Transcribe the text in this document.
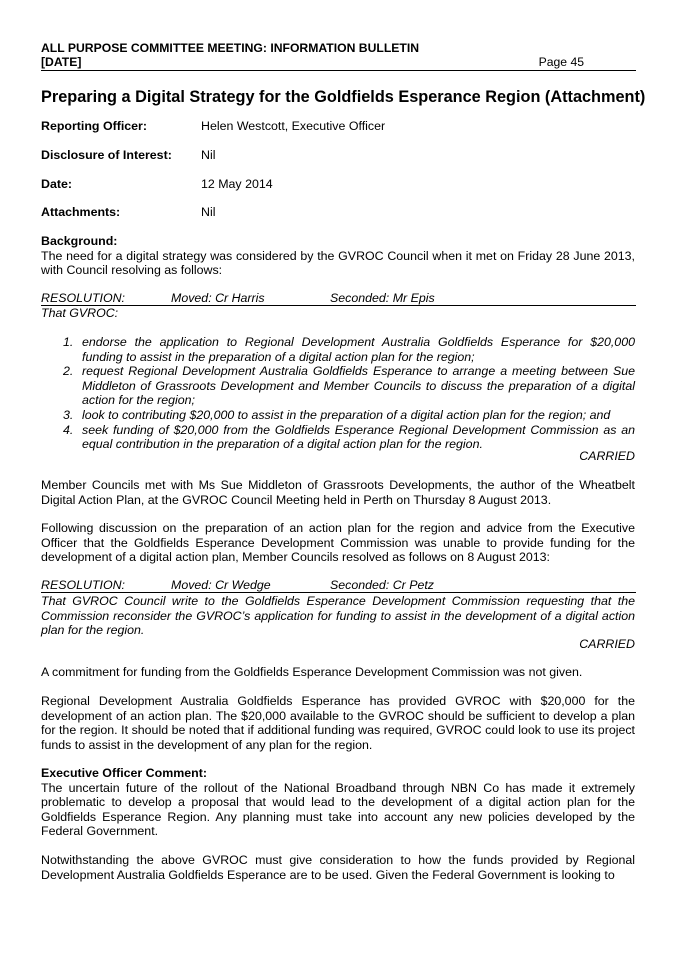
ALL PURPOSE COMMITTEE MEETING: INFORMATION BULLETIN
[DATE]	Page 45
Preparing a Digital Strategy for the Goldfields Esperance Region (Attachment)
Reporting Officer:	Helen Westcott, Executive Officer
Disclosure of Interest: Nil
Date:	12 May 2014
Attachments:	Nil
Background:
The need for a digital strategy was considered by the GVROC Council when it met on Friday 28 June 2013, with Council resolving as follows:
RESOLUTION:	Moved: Cr Harris	Seconded: Mr Epis
That GVROC:
1. endorse the application to Regional Development Australia Goldfields Esperance for $20,000 funding to assist in the preparation of a digital action plan for the region;
2. request Regional Development Australia Goldfields Esperance to arrange a meeting between Sue Middleton of Grassroots Development and Member Councils to discuss the preparation of a digital action for the region;
3. look to contributing $20,000 to assist in the preparation of a digital action plan for the region; and
4. seek funding of $20,000 from the Goldfields Esperance Regional Development Commission as an equal contribution in the preparation of a digital action plan for the region.
CARRIED
Member Councils met with Ms Sue Middleton of Grassroots Developments, the author of the Wheatbelt Digital Action Plan, at the GVROC Council Meeting held in Perth on Thursday 8 August 2013.
Following discussion on the preparation of an action plan for the region and advice from the Executive Officer that the Goldfields Esperance Development Commission was unable to provide funding for the development of a digital action plan, Member Councils resolved as follows on 8 August 2013:
RESOLUTION:	Moved: Cr Wedge	Seconded: Cr Petz
That GVROC Council write to the Goldfields Esperance Development Commission requesting that the Commission reconsider the GVROC’s application for funding to assist in the development of a digital action plan for the region.
CARRIED
A commitment for funding from the Goldfields Esperance Development Commission was not given.
Regional Development Australia Goldfields Esperance has provided GVROC with $20,000 for the development of an action plan. The $20,000 available to the GVROC should be sufficient to develop a plan for the region. It should be noted that if additional funding was required, GVROC could look to use its project funds to assist in the development of any plan for the region.
Executive Officer Comment:
The uncertain future of the rollout of the National Broadband through NBN Co has made it extremely problematic to develop a proposal that would lead to the development of a digital action plan for the Goldfields Esperance Region. Any planning must take into account any new policies developed by the Federal Government.
Notwithstanding the above GVROC must give consideration to how the funds provided by Regional Development Australia Goldfields Esperance are to be used. Given the Federal Government is looking to
